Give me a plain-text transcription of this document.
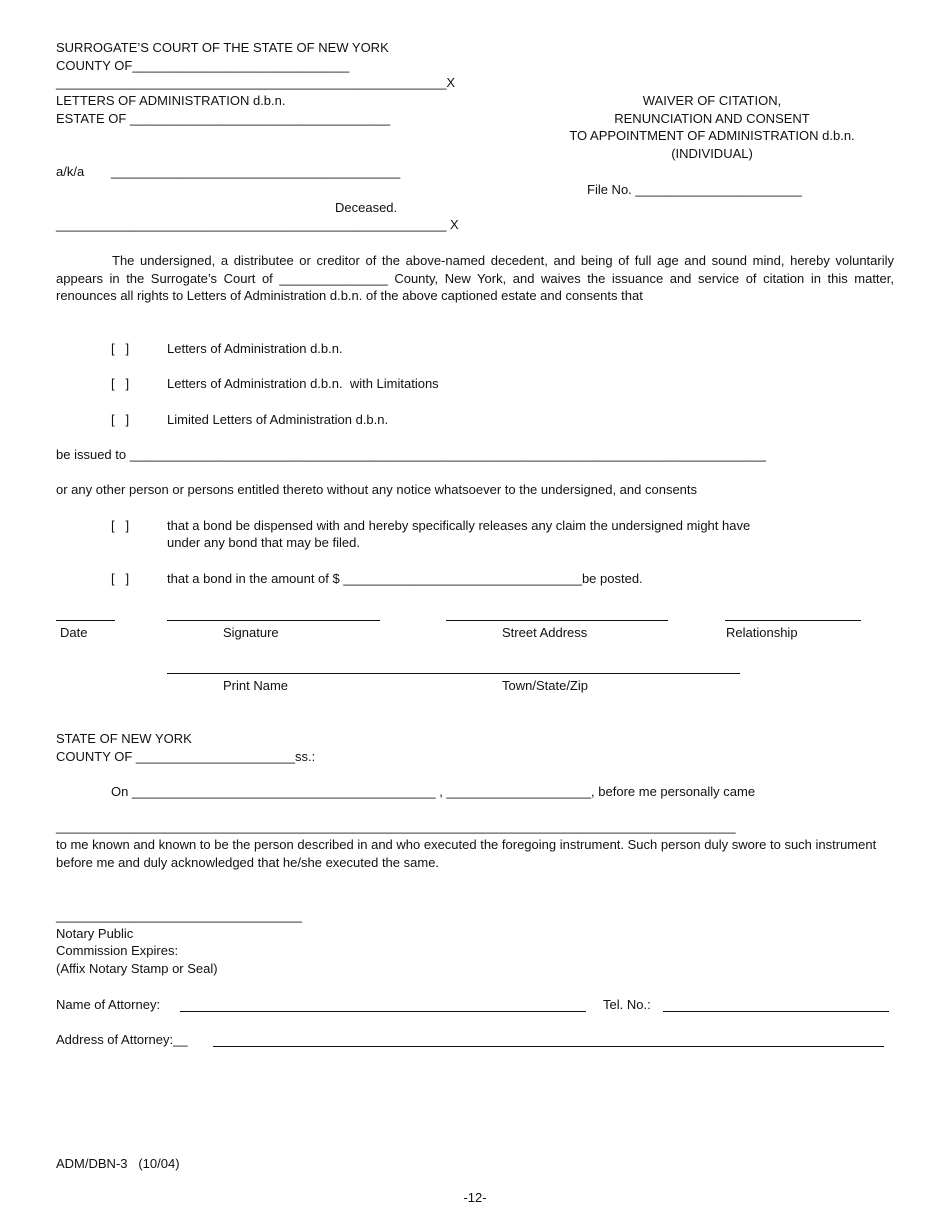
SURROGATE’S COURT OF THE STATE OF NEW YORK
COUNTY OF______________________________
______________________________________________________X
LETTERS OF ADMINISTRATION d.b.n.
ESTATE OF ____________________________________
a/k/a ________________________________________
Deceased.
______________________________________________________ X
WAIVER OF CITATION,
RENUNCIATION AND CONSENT
TO APPOINTMENT OF ADMINISTRATION d.b.n.
(INDIVIDUAL)
File No. _______________________
The undersigned, a distributee or creditor of the above-named decedent, and being of full age and sound mind, hereby voluntarily appears in the Surrogate’s Court of _______________ County, New York, and waives the issuance and service of citation in this matter, renounces all rights to Letters of Administration d.b.n. of the above captioned estate and consents that
[   ]	Letters of Administration d.b.n.
[   ]	Letters of Administration d.b.n.  with Limitations
[   ]	Limited Letters of Administration d.b.n.
be issued to ________________________________________________________________________________________
or any other person or persons entitled thereto without any notice whatsoever to the undersigned, and consents
[   ]	that a bond be dispensed with and hereby specifically releases any claim the undersigned might have
under any bond that may be filed.
[   ]	that a bond in the amount of $ _________________________________be posted.
Date	Signature	Street Address	Relationship
Print Name	Town/State/Zip
STATE OF NEW YORK
COUNTY OF ______________________ss.:
On __________________________________________ , ____________________, before me personally came
______________________________________________________________________________________________
to me known and known to be the person described in and who executed the foregoing instrument. Such person duly swore to such instrument before me and duly acknowledged that he/she executed the same.
__________________________________
Notary Public
Commission Expires:
(Affix Notary Stamp or Seal)
Name of Attorney:	Tel. No.:
Address of Attorney:__
ADM/DBN-3   (10/04)
-12-
